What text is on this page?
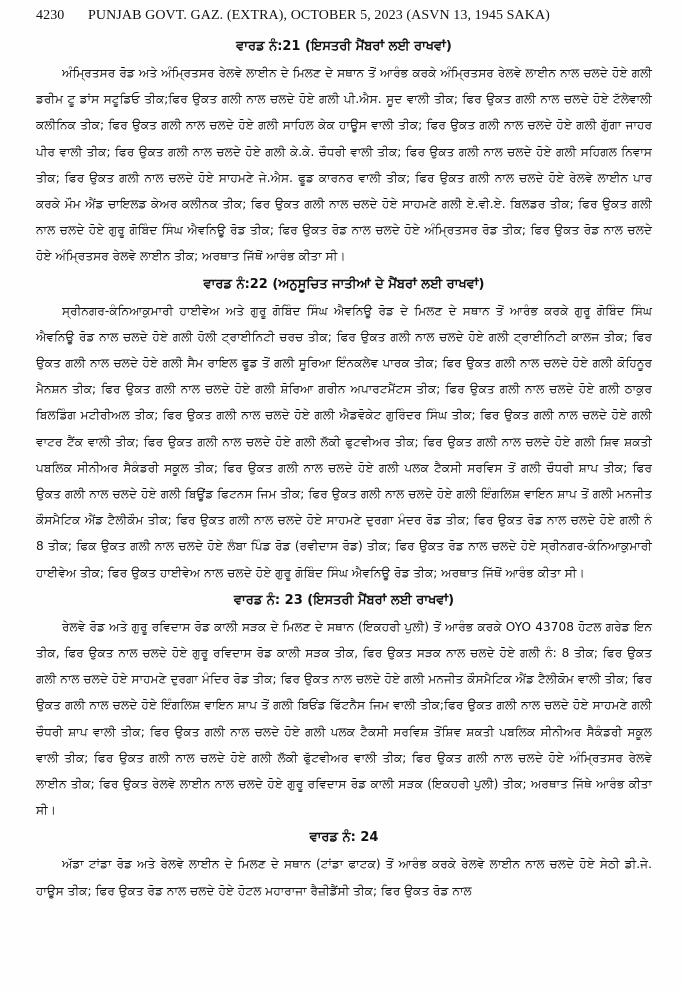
4230	PUNJAB GOVT. GAZ. (EXTRA), OCTOBER 5, 2023 (ASVN 13, 1945 SAKA)
ਵਾਰਡ ਨੰ:21 (ਇਸਤਰੀ ਮੈਂਬਰਾਂ ਲਈ ਰਾਖਵਾਂ)

ਅੰਮ੍ਰਿਤਸਰ ਰੋਡ ਅਤੇ ਅੰਮ੍ਰਿਤਸਰ ਰੇਲਵੇ ਲਾਈਨ ਦੇ ਮਿਲਣ ਦੇ ਸਥਾਨ ਤੋਂ ਆਰੰਭ ਕਰਕੇ ਅੰਮ੍ਰਿਤਸਰ ਰੇਲਵੇ ਲਾਈਨ ਨਾਲ ਚਲਦੇ ਹੋਏ ਗਲੀ ਡਰੀਮ ਟੂ ਡਾਂਸ ਸਟੂਡਿਓ ਤੀਕ;ਫਿਰ ਉਕਤ ਗਲੀ ਨਾਲ ਚਲਦੇ ਹੋਏ ਗਲੀ ਪੀ.ਐਸ. ਸੂਦ ਵਾਲੀ ਤੀਕ; ਫਿਰ ਉਕਤ ਗਲੀ ਨਾਲ ਚਲਦੇ ਹੋਏ ਟੱਲੇਵਾਲੀ ਕਲੀਨਿਕ ਤੀਕ; ਫਿਰ ਉਕਤ ਗਲੀ ਨਾਲ ਚਲਦੇ ਹੋਏ ਗਲੀ ਸਾਹਿਲ ਕੇਕ ਹਾਊਸ ਵਾਲੀ ਤੀਕ; ਫਿਰ ਉਕਤ ਗਲੀ ਨਾਲ ਚਲਦੇ ਹੋਏ ਗਲੀ ਗੁੱਗਾ ਜਾਹਰ ਪੀਰ ਵਾਲੀ ਤੀਕ; ਫਿਰ ਉਕਤ ਗਲੀ ਨਾਲ ਚਲਦੇ ਹੋਏ ਗਲੀ ਕੇ.ਕੇ. ਚੌਧਰੀ ਵਾਲੀ ਤੀਕ; ਫਿਰ ਉਕਤ ਗਲੀ ਨਾਲ ਚਲਦੇ ਹੋਏ ਗਲੀ ਸਹਿਗਲ ਨਿਵਾਸ ਤੀਕ; ਫਿਰ ਉਕਤ ਗਲੀ ਨਾਲ ਚਲਦੇ ਹੋਏ ਸਾਹਮਣੇ ਜੇ.ਐਸ. ਫੂਡ ਕਾਰਨਰ ਵਾਲੀ ਤੀਕ; ਫਿਰ ਉਕਤ ਗਲੀ ਨਾਲ ਚਲਦੇ ਹੋਏ ਰੇਲਵੇ ਲਾਈਨ ਪਾਰ ਕਰਕੇ ਮੌਮ ਐਂਡ ਚਾਇਲਡ ਕੇਅਰ ਕਲੀਨਕ ਤੀਕ; ਫਿਰ ਉਕਤ ਗਲੀ ਨਾਲ ਚਲਦੇ ਹੋਏ ਸਾਹਮਣੇ ਗਲੀ ਏ.ਵੀ.ਏ. ਬਿਲਡਰ ਤੀਕ; ਫਿਰ ਉਕਤ ਗਲੀ ਨਾਲ ਚਲਦੇ ਹੋਏ ਗੁਰੂ ਗੋਬਿੰਦ ਸਿੰਘ ਐਵਨਿਊ ਰੋਡ ਤੀਕ; ਫਿਰ ਉਕਤ ਰੋਡ ਨਾਲ ਚਲਦੇ ਹੋਏ ਅੰਮ੍ਰਿਤਸਰ ਰੋਡ ਤੀਕ; ਫਿਰ ਉਕਤ ਰੋਡ ਨਾਲ ਚਲਦੇ ਹੋਏ ਅੰਮ੍ਰਿਤਸਰ ਰੇਲਵੇ ਲਾਈਨ ਤੀਕ; ਅਰਥਾਤ ਜਿੱਥੋਂ ਆਰੰਭ ਕੀਤਾ ਸੀ।

ਵਾਰਡ ਨੰ:22 (ਅਨੁਸੂਚਿਤ ਜਾਤੀਆਂ ਦੇ ਮੈਂਬਰਾਂ ਲਈ ਰਾਖਵਾਂ)

ਸ੍ਰੀਨਗਰ-ਕੰਨਿਆਕੁਮਾਰੀ ਹਾਈਵੇਅ ਅਤੇ ਗੁਰੂ ਗੋਬਿੰਦ ਸਿੰਘ ਐਵਨਿਊ ਰੋਡ ਦੇ ਮਿਲਣ ਦੇ ਸਥਾਨ ਤੋਂ ਆਰੰਭ ਕਰਕੇ ਗੁਰੂ ਗੋਬਿੰਦ ਸਿੰਘ ਐਵਨਿਊ ਰੋਡ ਨਾਲ ਚਲਦੇ ਹੋਏ ਗਲੀ ਹੋਲੀ ਟ੍ਰਾਈਨਿਟੀ ਚਰਚ ਤੀਕ; ਫਿਰ ਉਕਤ ਗਲੀ ਨਾਲ ਚਲਦੇ ਹੋਏ ਗਲੀ ਟ੍ਰਾਈਨਿਟੀ ਕਾਲਜ ਤੀਕ; ਫਿਰ ਉਕਤ ਗਲੀ ਨਾਲ ਚਲਦੇ ਹੋਏ ਗਲੀ ਸੈਮ ਰਾਇਲ ਫੂਡ ਤੋਂ ਗਲੀ ਸੂਰਿਆ ਇੰਨਕਲੇਵ ਪਾਰਕ ਤੀਕ; ਫਿਰ ਉਕਤ ਗਲੀ ਨਾਲ ਚਲਦੇ ਹੋਏ ਗਲੀ ਕੋਹਿਨੂਰ ਮੈਨਸ਼ਨ ਤੀਕ; ਫਿਰ ਉਕਤ ਗਲੀ ਨਾਲ ਚਲਦੇ ਹੋਏ ਗਲੀ ਸ਼ੋਰਿਆ ਗਰੀਨ ਅਪਾਰਟਮੈਂਟਸ ਤੀਕ; ਫਿਰ ਉਕਤ ਗਲੀ ਨਾਲ ਚਲਦੇ ਹੋਏ ਗਲੀ ਠਾਕੁਰ ਬਿਲਡਿੰਗ ਮਟੀਰੀਅਲ ਤੀਕ; ਫਿਰ ਉਕਤ ਗਲੀ ਨਾਲ ਚਲਦੇ ਹੋਏ ਗਲੀ ਐਡਵੋਕੇਟ ਗੁਰਿੰਦਰ ਸਿੰਘ ਤੀਕ; ਫਿਰ ਉਕਤ ਗਲੀ ਨਾਲ ਚਲਦੇ ਹੋਏ ਗਲੀ ਵਾਟਰ ਟੈਂਕ ਵਾਲੀ ਤੀਕ; ਫਿਰ ਉਕਤ ਗਲੀ ਨਾਲ ਚਲਦੇ ਹੋਏ ਗਲੀ ਲੱਕੀ ਫੁਟਵੀਅਰ ਤੀਕ; ਫਿਰ ਉਕਤ ਗਲੀ ਨਾਲ ਚਲਦੇ ਹੋਏ ਗਲੀ ਸ਼ਿਵ ਸ਼ਕਤੀ ਪਬਲਿਕ ਸੀਨੀਅਰ ਸੈਕੰਡਰੀ ਸਕੂਲ ਤੀਕ; ਫਿਰ ਉਕਤ ਗਲੀ ਨਾਲ ਚਲਦੇ ਹੋਏ ਗਲੀ ਪਲਕ ਟੈਕਸੀ ਸਰਵਿਸ ਤੋਂ ਗਲੀ ਚੌਧਰੀ ਸ਼ਾਪ ਤੀਕ; ਫਿਰ ਉਕਤ ਗਲੀ ਨਾਲ ਚਲਦੇ ਹੋਏ ਗਲੀ ਬਿਊਂਡ ਫਿਟਨਸ ਜਿਮ ਤੀਕ; ਫਿਰ ਉਕਤ ਗਲੀ ਨਾਲ ਚਲਦੇ ਹੋਏ ਗਲੀ ਇੰਗਲਿਸ਼ ਵਾਇਨ ਸ਼ਾਪ ਤੋਂ ਗਲੀ ਮਨਜੀਤ ਕੌਸਮੈਟਿਕ ਐਂਡ ਟੈਲੀਕੌਮ ਤੀਕ; ਫਿਰ ਉਕਤ ਗਲੀ ਨਾਲ ਚਲਦੇ ਹੋਏ ਸਾਹਮਣੇ ਦੁਰਗਾ ਮੰਦਰ ਰੋਡ ਤੀਕ; ਫਿਰ ਉਕਤ ਰੋਡ ਨਾਲ ਚਲਦੇ ਹੋਏ ਗਲੀ ਨੰ 8 ਤੀਕ; ਫਿਕ ਉਕਤ ਗਲੀ ਨਾਲ ਚਲਦੇ ਹੋਏ ਲੰਬਾ ਪਿੰਡ ਰੋਡ (ਰਵੀਦਾਸ ਰੋਡ) ਤੀਕ; ਫਿਰ ਉਕਤ ਰੋਡ ਨਾਲ ਚਲਦੇ ਹੋਏ ਸ੍ਰੀਨਗਰ-ਕੰਨਿਆਕੁਮਾਰੀ ਹਾਈਵੇਅ ਤੀਕ; ਫਿਰ ਉਕਤ ਹਾਈਵੇਅ ਨਾਲ ਚਲਦੇ ਹੋਏ ਗੁਰੂ ਗੋਬਿੰਦ ਸਿੰਘ ਐਵਨਿਊ ਰੋਡ ਤੀਕ; ਅਰਥਾਤ ਜਿੱਥੋਂ ਆਰੰਭ ਕੀਤਾ ਸੀ।

ਵਾਰਡ ਨੰ: 23 (ਇਸਤਰੀ ਮੈਂਬਰਾਂ ਲਈ ਰਾਖਵਾਂ)

ਰੇਲਵੇ ਰੋਡ ਅਤੇ ਗੁਰੂ ਰਵਿਦਾਸ ਰੋਡ ਕਾਲੀ ਸੜਕ ਦੇ ਮਿਲਣ ਦੇ ਸਥਾਨ (ਇਕਹਰੀ ਪੁਲੀ) ਤੋਂ ਆਰੰਭ ਕਰਕੇ OYO 43708 ਹੋਟਲ ਗਰੇਡ ਇਨ ਤੀਕ, ਫਿਰ ਉਕਤ ਨਾਲ ਚਲਦੇ ਹੋਏ ਗੁਰੂ ਰਵਿਦਾਸ ਰੋਡ ਕਾਲੀ ਸੜਕ ਤੀਕ, ਫਿਰ ਉਕਤ ਸੜਕ ਨਾਲ ਚਲਦੇ ਹੋਏ ਗਲੀ ਨੰ: 8 ਤੀਕ; ਫਿਰ ਉਕਤ ਗਲੀ ਨਾਲ ਚਲਦੇ ਹੋਏ ਸਾਹਮਣੇ ਦੁਰਗਾ ਮੰਦਿਰ ਰੋਡ ਤੀਕ; ਫਿਰ ਉਕਤ ਨਾਲ ਚਲਦੇ ਹੋਏ ਗਲੀ ਮਨਜੀਤ ਕੌਸਮੈਟਿਕ ਐਂਡ ਟੈਲੀਕੋਮ ਵਾਲੀ ਤੀਕ; ਫਿਰ ਉਕਤ ਗਲੀ ਨਾਲ ਚਲਦੇ ਹੋਏ ਇੰਗਲਿਸ਼ ਵਾਇਨ ਸ਼ਾਪ ਤੋਂ ਗਲੀ ਬਿਓਂਡ ਫਿੱਟਨੈਸ ਜਿਮ ਵਾਲੀ ਤੀਕ;ਫਿਰ ਉਕਤ ਗਲੀ ਨਾਲ ਚਲਦੇ ਹੋਏ ਸਾਹਮਣੇ ਗਲੀ ਚੌਧਰੀ ਸ਼ਾਪ ਵਾਲੀ ਤੀਕ; ਫਿਰ ਉਕਤ ਗਲੀ ਨਾਲ ਚਲਦੇ ਹੋਏ ਗਲੀ ਪਲਕ ਟੈਕਸੀ ਸਰਵਿਸ਼ ਤੋਂਸ਼ਿਵ ਸ਼ਕਤੀ ਪਬਲਿਕ ਸੀਨੀਅਰ ਸੈਕੰਡਰੀ ਸਕੂਲ ਵਾਲੀ ਤੀਕ; ਫਿਰ ਉਕਤ ਗਲੀ ਨਾਲ ਚਲਦੇ ਹੋਏ ਗਲੀ ਲੱਕੀ ਫੁੱਟਵੀਅਰ ਵਾਲੀ ਤੀਕ; ਫਿਰ ਉਕਤ ਗਲੀ ਨਾਲ ਚਲਦੇ ਹੋਏ ਅੰਮ੍ਰਿਤਸਰ ਰੇਲਵੇ ਲਾਈਨ ਤੀਕ; ਫਿਰ ਉਕਤ ਰੇਲਵੇ ਲਾਈਨ ਨਾਲ ਚਲਦੇ ਹੋਏ ਗੁਰੂ ਰਵਿਦਾਸ ਰੋਡ ਕਾਲੀ ਸੜਕ (ਇਕਹਰੀ ਪੁਲੀ) ਤੀਕ; ਅਰਥਾਤ ਜਿੱਥੇ ਆਰੰਭ ਕੀਤਾ ਸੀ।

ਵਾਰਡ ਨੰ: 24

ਅੱਡਾ ਟਾਂਡਾ ਰੋਡ ਅਤੇ ਰੇਲਵੇ ਲਾਈਨ ਦੇ ਮਿਲਣ ਦੇ ਸਥਾਨ (ਟਾਂਡਾ ਫਾਟਕ) ਤੋਂ ਆਰੰਭ ਕਰਕੇ ਰੇਲਵੇ ਲਾਈਨ ਨਾਲ ਚਲਦੇ ਹੋਏ ਸੇਠੀ ਡੀ.ਜੇ. ਹਾਊਸ ਤੀਕ; ਫਿਰ ਉਕਤ ਰੋਡ ਨਾਲ ਚਲਦੇ ਹੋਏ ਹੋਟਲ ਮਹਾਰਾਜਾ ਰੈਜ਼ੀਡੈਂਸੀ ਤੀਕ; ਫਿਰ ਉਕਤ ਰੋਡ ਨਾਲ
